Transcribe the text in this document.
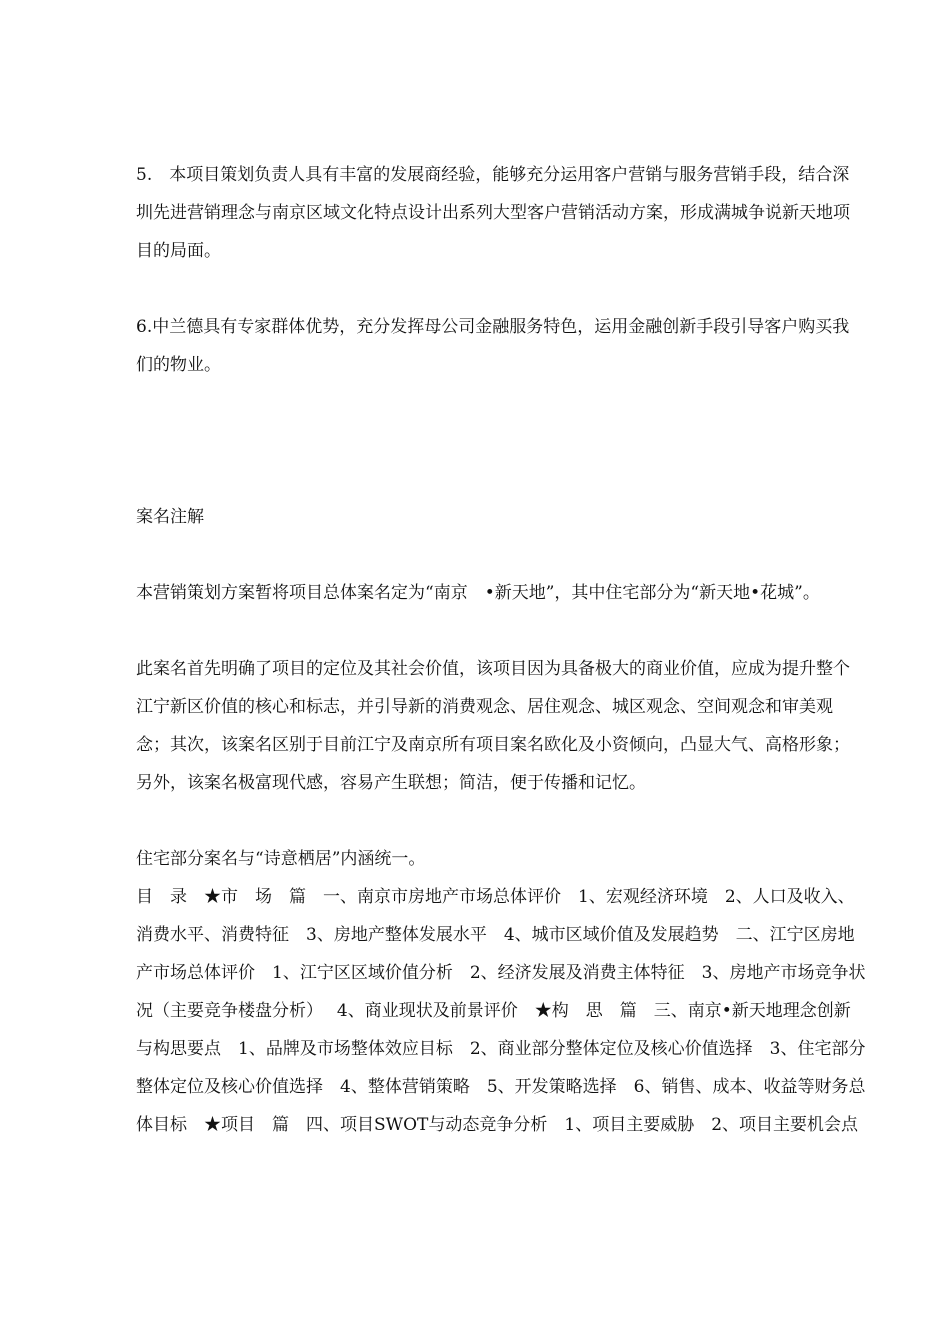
5.　本项目策划负责人具有丰富的发展商经验，能够充分运用客户营销与服务营销手段，结合深圳先进营销理念与南京区域文化特点设计出系列大型客户营销活动方案，形成满城争说新天地项目的局面。

6.中兰德具有专家群体优势，充分发挥母公司金融服务特色，运用金融创新手段引导客户购买我们的物业。

案名注解

本营销策划方案暂将项目总体案名定为“南京　•新天地”，其中住宅部分为“新天地•花城”。

此案名首先明确了项目的定位及其社会价值，该项目因为具备极大的商业价值，应成为提升整个江宁新区价值的核心和标志，并引导新的消费观念、居住观念、城区观念、空间观念和审美观念；其次，该案名区别于目前江宁及南京所有项目案名欧化及小资倾向，凸显大气、高格形象；另外，该案名极富现代感，容易产生联想；简洁，便于传播和记忆。

住宅部分案名与“诗意栖居”内涵统一。

目　录　★市　场　篇　一、南京市房地产市场总体评价　1、宏观经济环境　2、人口及收入、消费水平、消费特征　3、房地产整体发展水平　4、城市区域价值及发展趋势　二、江宁区房地产市场总体评价　1、江宁区区域价值分析　2、经济发展及消费主体特征　3、房地产市场竞争状况（主要竞争楼盘分析）　 4、商业现状及前景评价　★构　思　篇　三、南京•新天地理念创新与构思要点　1、品牌及市场整体效应目标　2、商业部分整体定位及核心价值选择　3、住宅部分整体定位及核心价值选择　4、整体营销策略　5、开发策略选择　6、销售、成本、收益等财务总体目标　★项目　篇　四、项目SWOT与动态竞争分析　1、项目主要威胁　2、项目主要机会点
